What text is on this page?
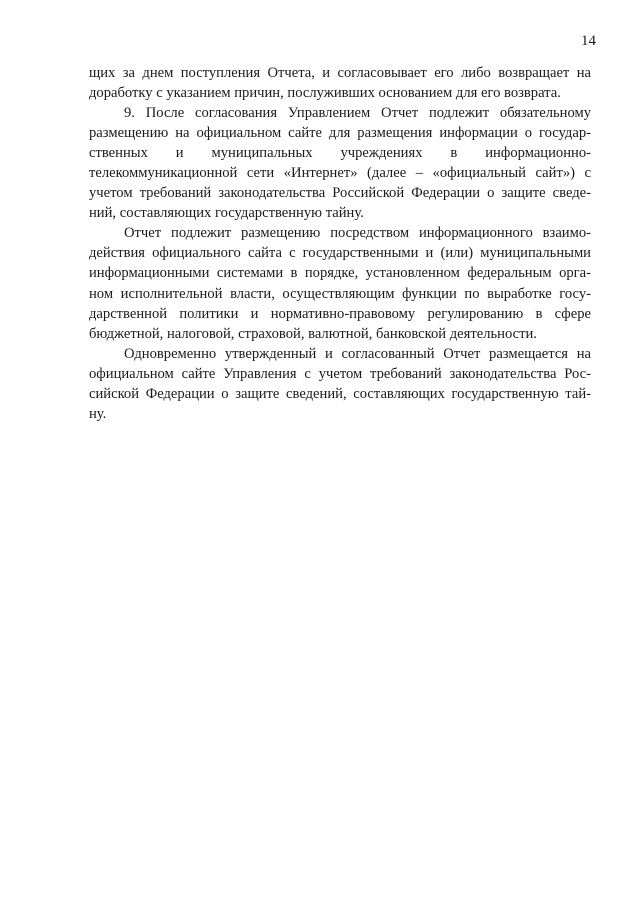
14
щих за днем поступления Отчета, и согласовывает его либо возвращает на
доработку с указанием причин, послуживших основанием для его возврата.
9. После согласования Управлением Отчет подлежит обязательному
размещению на официальном сайте для размещения информации о государ-
ственных и муниципальных учреждениях в информационно-
телекоммуникационной сети «Интернет» (далее – «официальный сайт») с
учетом требований законодательства Российской Федерации о защите сведе-
ний, составляющих государственную тайну.
Отчет подлежит размещению посредством информационного взаимо-
действия официального сайта с государственными и (или) муниципальными
информационными системами в порядке, установленном федеральным орга-
ном исполнительной власти, осуществляющим функции по выработке госу-
дарственной политики и нормативно-правовому регулированию в сфере
бюджетной, налоговой, страховой, валютной, банковской деятельности.
Одновременно утвержденный и согласованный Отчет размещается на
официальном сайте Управления с учетом требований законодательства Рос-
сийской Федерации о защите сведений, составляющих государственную тай-
ну.
